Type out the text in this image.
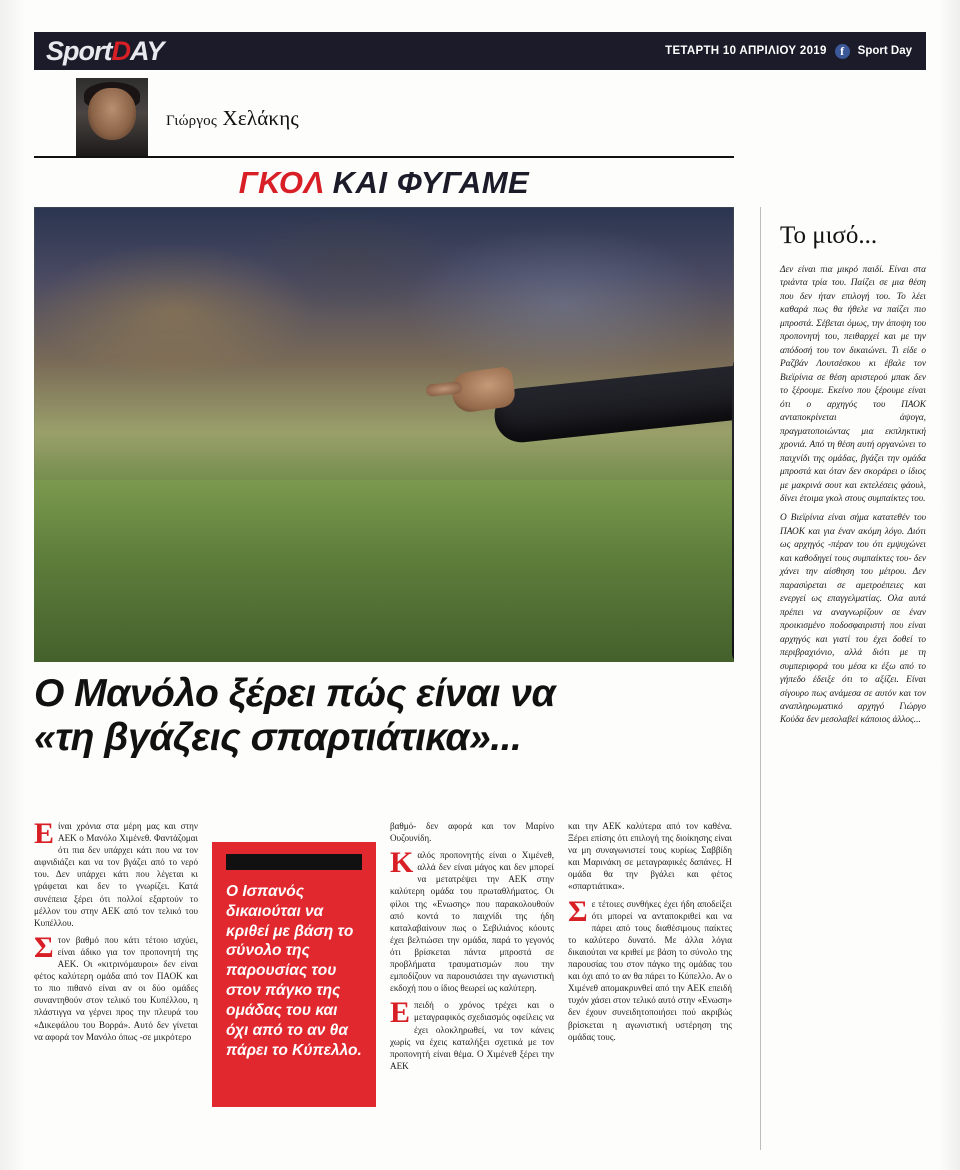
Sport D AY	ΤΕΤΑΡΤΗ 10 ΑΠΡΙΛΙΟΥ 2019	f	Sport Day
Γιώργος Χελάκης
ΓΚΟΛ ΚΑΙ ΦΥΓΑΜΕ
Ο Μανόλο ξέρει πώς είναι να
«τη βγάζεις σπαρτιάτικα»...

Είναι χρόνια στα μέρη μας και στην ΑΕΚ ο Μανόλο Χιμένεθ. Φαντάζομαι ότι πια δεν υπάρχει κάτι που να τον αιφνιδιάζει και να τον βγάζει από το νερό του. Δεν υπάρχει κάτι που λέγεται κι γράφεται και δεν το γνωρίζει. Κατά συνέπεια ξέρει ότι πολλοί εξαρτούν το μέλλον του στην ΑΕΚ από τον τελικό του Κυπέλλου.

Στον βαθμό που κάτι τέτοιο ισχύει, είναι άδικο για τον προπονητή της ΑΕΚ. Οι «κιτρινόμαυροι» δεν είναι φέτος καλύτερη ομάδα από τον ΠΑΟΚ και το πιο πιθανό είναι αν οι δύο ομάδες συναντηθούν στον τελικό του Κυπέλλου, η πλάστιγγα να γέρνει προς την πλευρά του «Δικεφάλου του Βορρά». Αυτό δεν γίνεται να αφορά τον Μανόλο όπως -σε μικρότερο

Ο Ισπανός δικαιούται να κριθεί με βάση το σύνολο της παρουσίας του στον πάγκο της ομάδας του και όχι από το αν θα πάρει το Κύπελλο.

βαθμό- δεν αφορά και τον Μαρίνο Ουζουνίδη.

Καλός προπονητής είναι ο Χιμένεθ, αλλά δεν είναι μάγος και δεν μπορεί να μετατρέψει την ΑΕΚ στην καλύτερη ομάδα του πρωταθλήματος. Οι φίλοι της «Ενωσης» που παρακολουθούν από κοντά το παιχνίδι της ήδη καταλαβαίνουν πως ο Σεβιλιάνος κόουτς έχει βελτιώσει την ομάδα, παρά το γεγονός ότι βρίσκεται πάντα μπροστά σε προβλήματα τραυματισμών που την εμποδίζουν να παρουσιάσει την αγωνιστική εκδοχή που ο ίδιος θεωρεί ως καλύτερη.

Επειδή ο χρόνος τρέχει και ο μεταγραφικός σχεδιασμός οφείλεις να έχει ολοκληρωθεί, να τον κάνεις χωρίς να έχεις καταλήξει σχετικά με τον προπονητή είναι θέμα. Ο Χιμένεθ ξέρει την ΑΕΚ

και την ΑΕΚ καλύτερα από τον καθένα. Ξέρει επίσης ότι επιλογή της διοίκησης είναι να μη συναγωνιστεί τους κυρίως Σαββίδη και Μαρινάκη σε μεταγραφικές δαπάνες. Η ομάδα θα την βγάλει και φέτος «σπαρτιάτικα».

Σε τέτοιες συνθήκες έχει ήδη αποδείξει ότι μπορεί να ανταποκριθεί και να πάρει από τους διαθέσιμους παίκτες το καλύτερο δυνατό. Με άλλα λόγια δικαιούται να κριθεί με βάση το σύνολο της παρουσίας του στον πάγκο της ομάδας του και όχι από το αν θα πάρει το Κύπελλο. Αν ο Χιμένεθ απομακρυνθεί από την ΑΕΚ επειδή τυχόν χάσει στον τελικό αυτό στην «Ενωση» δεν έχουν συνειδητοποιήσει πού ακριβώς βρίσκεται η αγωνιστική υστέρηση της ομάδας τους.

Το μισό...

Δεν είναι πια μικρό παιδί. Είναι στα τριάντα τρία του. Παίζει σε μια θέση που δεν ήταν επιλογή του. Το λέει καθαρά πως θα ήθελε να παίζει πιο μπροστά. Σέβεται όμως, την άποψη του προπονητή του, πειθαρχεί και με την απόδοσή του τον δικαιώνει. Τι είδε ο Ραζβάν Λουτσέσκου κι έβαλε τον Βιεϊρίνια σε θέση αριστερού μπακ δεν το ξέρουμε. Εκείνο που ξέρουμε είναι ότι ο αρχηγός του ΠΑΟΚ ανταποκρίνεται άψογα, πραγματοποιώντας μια εκπληκτική χρονιά. Από τη θέση αυτή οργανώνει το παιχνίδι της ομάδας, βγάζει την ομάδα μπροστά και όταν δεν σκοράρει ο ίδιος με μακρινά σουτ και εκτελέσεις φάουλ, δίνει έτοιμα γκολ στους συμπαίκτες του.

Ο Βιεϊρίνια είναι σήμα κατατεθέν του ΠΑΟΚ και για έναν ακόμη λόγο. Διότι ως αρχηγός -πέραν του ότι εμψυχώνει και καθοδηγεί τους συμπαίκτες του- δεν χάνει την αίσθηση του μέτρου. Δεν παρασύρεται σε αμετροέπειες και ενεργεί ως επαγγελματίας. Ολα αυτά πρέπει να αναγνωρίζουν σε έναν προικισμένο ποδοσφαιριστή που είναι αρχηγός και γιατί του έχει δοθεί το περιβραχιόνιο, αλλά διότι με τη συμπεριφορά του μέσα κι έξω από το γήπεδο έδειξε ότι το αξίζει. Είναι σίγουρο πως ανάμεσα σε αυτόν και τον αναπληρωματικό αρχηγό Γιώργο Κούδα δεν μεσολαβεί κάποιος άλλος...
